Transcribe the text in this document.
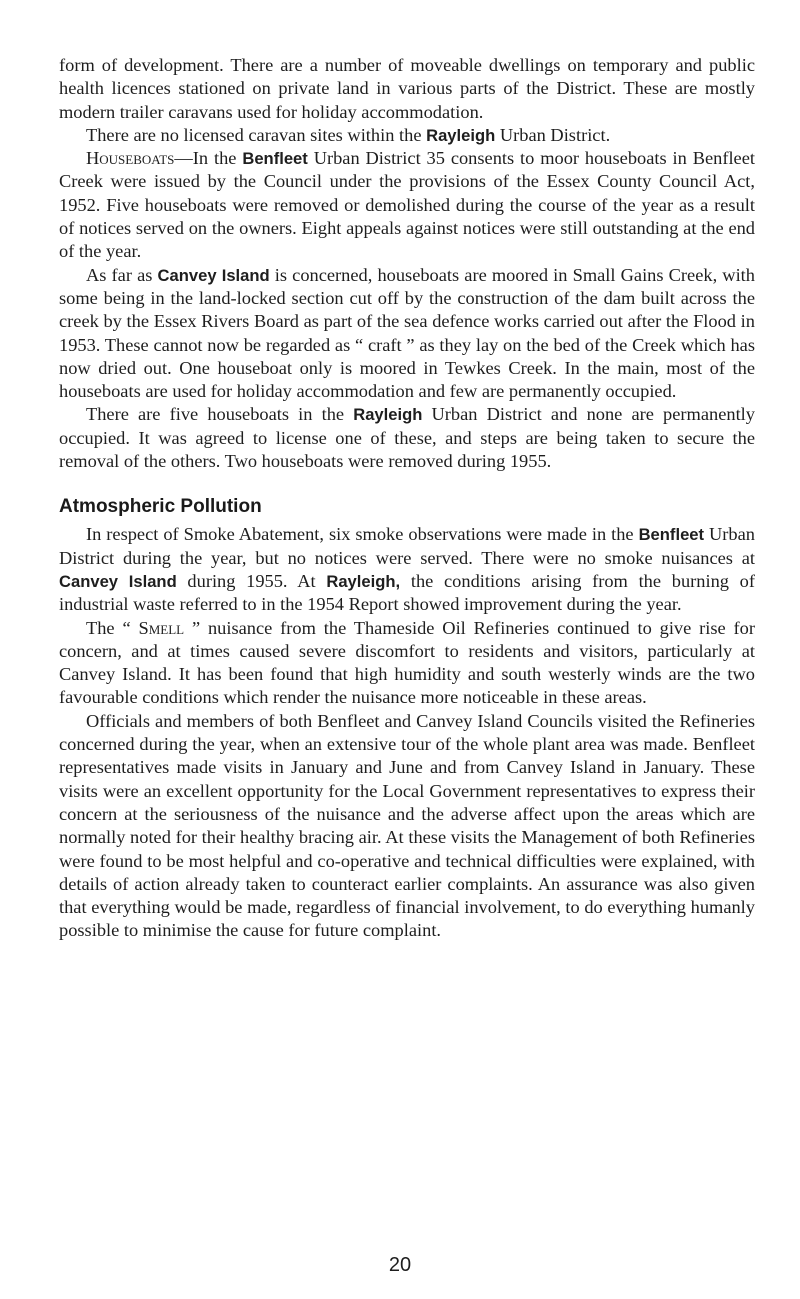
form of development. There are a number of moveable dwellings on temporary and public health licences stationed on private land in various parts of the District. These are mostly modern trailer caravans used for holiday accommodation.

There are no licensed caravan sites within the Rayleigh Urban District.

Houseboats—In the Benfleet Urban District 35 consents to moor houseboats in Benfleet Creek were issued by the Council under the provisions of the Essex County Council Act, 1952. Five houseboats were removed or demolished during the course of the year as a result of notices served on the owners. Eight appeals against notices were still outstanding at the end of the year.

As far as Canvey Island is concerned, houseboats are moored in Small Gains Creek, with some being in the land-locked section cut off by the construction of the dam built across the creek by the Essex Rivers Board as part of the sea defence works carried out after the Flood in 1953. These cannot now be regarded as “ craft ” as they lay on the bed of the Creek which has now dried out. One houseboat only is moored in Tewkes Creek. In the main, most of the houseboats are used for holiday accommodation and few are permanently occupied.

There are five houseboats in the Rayleigh Urban District and none are permanently occupied. It was agreed to license one of these, and steps are being taken to secure the removal of the others. Two houseboats were removed during 1955.

Atmospheric Pollution

In respect of Smoke Abatement, six smoke observations were made in the Benfleet Urban District during the year, but no notices were served. There were no smoke nuisances at Canvey Island during 1955. At Rayleigh, the conditions arising from the burning of industrial waste referred to in the 1954 Report showed improvement during the year.

The “ Smell ” nuisance from the Thameside Oil Refineries continued to give rise for concern, and at times caused severe discomfort to residents and visitors, particularly at Canvey Island. It has been found that high humidity and south westerly winds are the two favourable conditions which render the nuisance more noticeable in these areas.

Officials and members of both Benfleet and Canvey Island Councils visited the Refineries concerned during the year, when an extensive tour of the whole plant area was made. Benfleet representatives made visits in January and June and from Canvey Island in January. These visits were an excellent opportunity for the Local Government representatives to express their concern at the seriousness of the nuisance and the adverse affect upon the areas which are normally noted for their healthy bracing air. At these visits the Management of both Refineries were found to be most helpful and co-operative and technical difficulties were explained, with details of action already taken to counteract earlier complaints. An assurance was also given that everything would be made, regardless of financial involvement, to do everything humanly possible to minimise the cause for future complaint.

20
